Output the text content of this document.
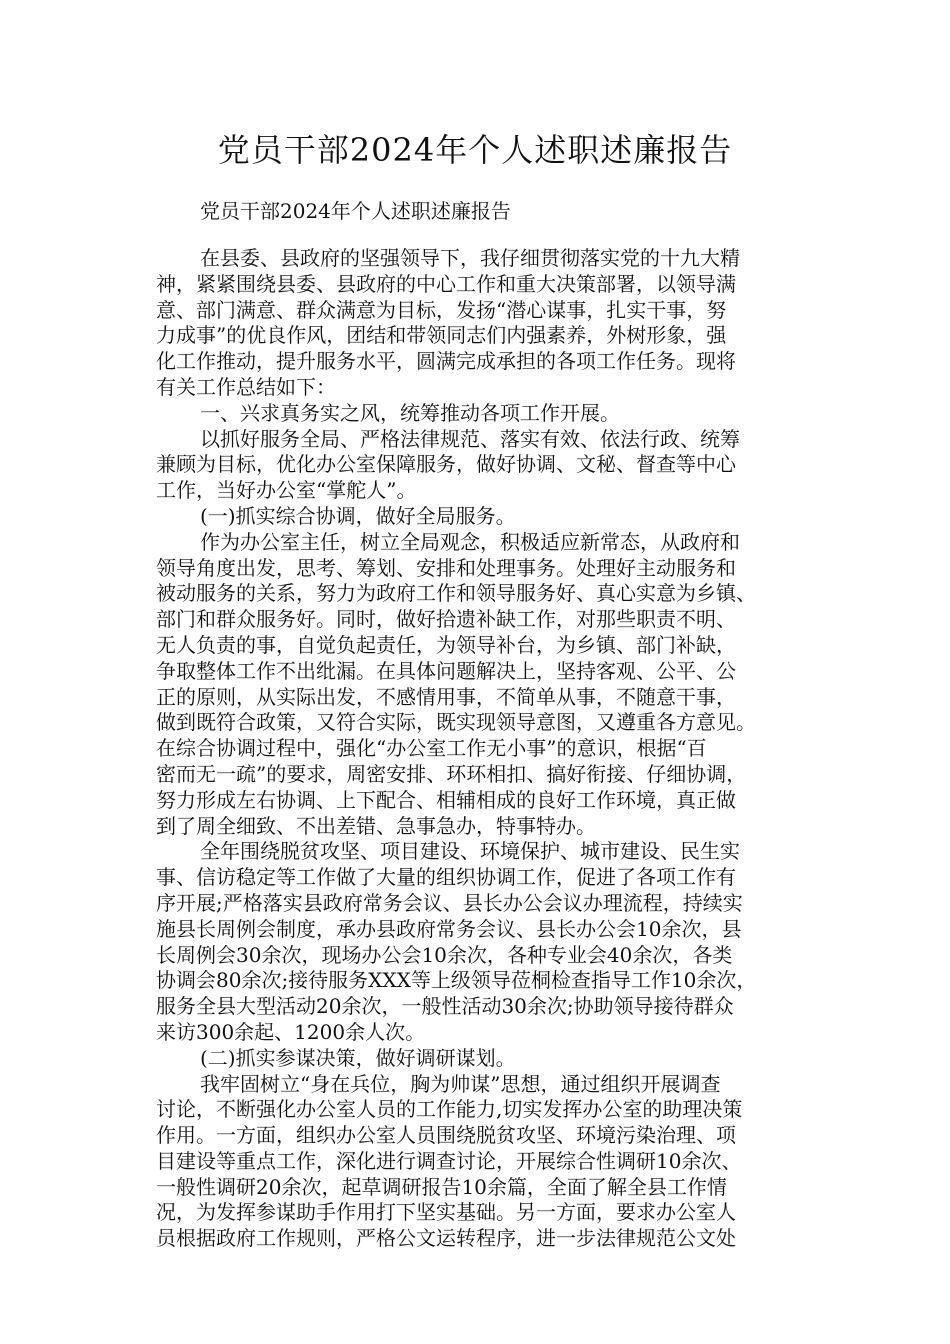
党员干部2024年个人述职述廉报告

党员干部2024年个人述职述廉报告

在县委、县政府的坚强领导下，我仔细贯彻落实党的十九大精
神，紧紧围绕县委、县政府的中心工作和重大决策部署，以领导满
意、部门满意、群众满意为目标，发扬“潜心谋事，扎实干事，努
力成事”的优良作风，团结和带领同志们内强素养，外树形象，强
化工作推动，提升服务水平，圆满完成承担的各项工作任务。现将
有关工作总结如下：
一、兴求真务实之风，统筹推动各项工作开展。
以抓好服务全局、严格法律规范、落实有效、依法行政、统筹
兼顾为目标，优化办公室保障服务，做好协调、文秘、督查等中心
工作，当好办公室“掌舵人”。
(一)抓实综合协调，做好全局服务。
作为办公室主任，树立全局观念，积极适应新常态，从政府和
领导角度出发，思考、筹划、安排和处理事务。处理好主动服务和
被动服务的关系，努力为政府工作和领导服务好、真心实意为乡镇、
部门和群众服务好。同时，做好拾遗补缺工作，对那些职责不明、
无人负责的事，自觉负起责任，为领导补台，为乡镇、部门补缺，
争取整体工作不出纰漏。在具体问题解决上，坚持客观、公平、公
正的原则，从实际出发，不感情用事，不简单从事，不随意干事，
做到既符合政策，又符合实际，既实现领导意图，又遵重各方意见。
在综合协调过程中，强化“办公室工作无小事”的意识，根据“百
密而无一疏”的要求，周密安排、环环相扣、搞好衔接、仔细协调，
努力形成左右协调、上下配合、相辅相成的良好工作环境，真正做
到了周全细致、不出差错、急事急办，特事特办。
全年围绕脱贫攻坚、项目建设、环境保护、城市建设、民生实
事、信访稳定等工作做了大量的组织协调工作，促进了各项工作有
序开展;严格落实县政府常务会议、县长办公会议办理流程，持续实
施县长周例会制度，承办县政府常务会议、县长办公会10余次，县
长周例会30余次，现场办公会10余次，各种专业会40余次，各类
协调会80余次;接待服务XXX等上级领导莅桐检查指导工作10余次，
服务全县大型活动20余次，一般性活动30余次;协助领导接待群众
来访300余起、1200余人次。
(二)抓实参谋决策，做好调研谋划。
我牢固树立“身在兵位，胸为帅谋”思想，通过组织开展调查
讨论，不断强化办公室人员的工作能力,切实发挥办公室的助理决策
作用。一方面，组织办公室人员围绕脱贫攻坚、环境污染治理、项
目建设等重点工作，深化进行调查讨论，开展综合性调研10余次、
一般性调研20余次，起草调研报告10余篇，全面了解全县工作情
况，为发挥参谋助手作用打下坚实基础。另一方面，要求办公室人
员根据政府工作规则，严格公文运转程序，进一步法律规范公文处
